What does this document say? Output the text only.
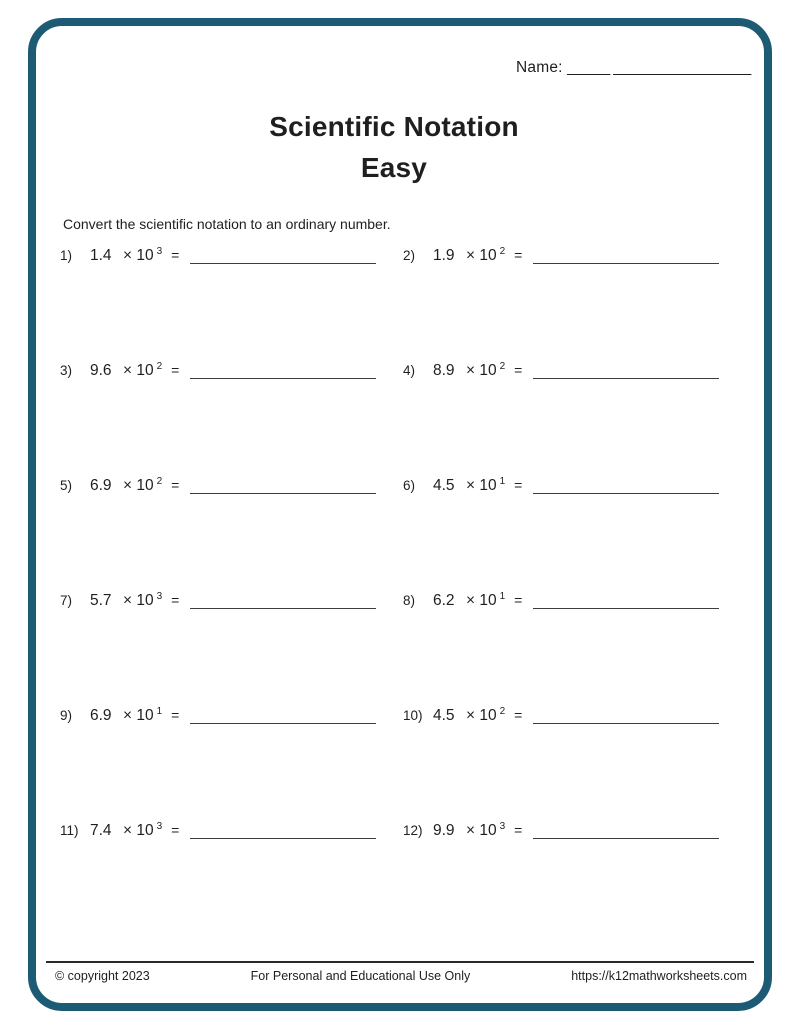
Name: _____ ________________
Scientific Notation
Easy
Convert the scientific notation to an ordinary number.
1)	1.4 × 10 3 =	2)	1.9 × 10 2 =
3)	9.6 × 10 2 =	4)	8.9 × 10 2 =
5)	6.9 × 10 2 =	6)	4.5 × 10 1 =
7)	5.7 × 10 3 =	8)	6.2 × 10 1 =
9)	6.9 × 10 1 =	10) 4.5 × 10 2 =
11) 7.4 × 10 3 =	12) 9.9 × 10 3 =
© copyright 2023	For Personal and Educational Use Only	https://k12mathworksheets.com
